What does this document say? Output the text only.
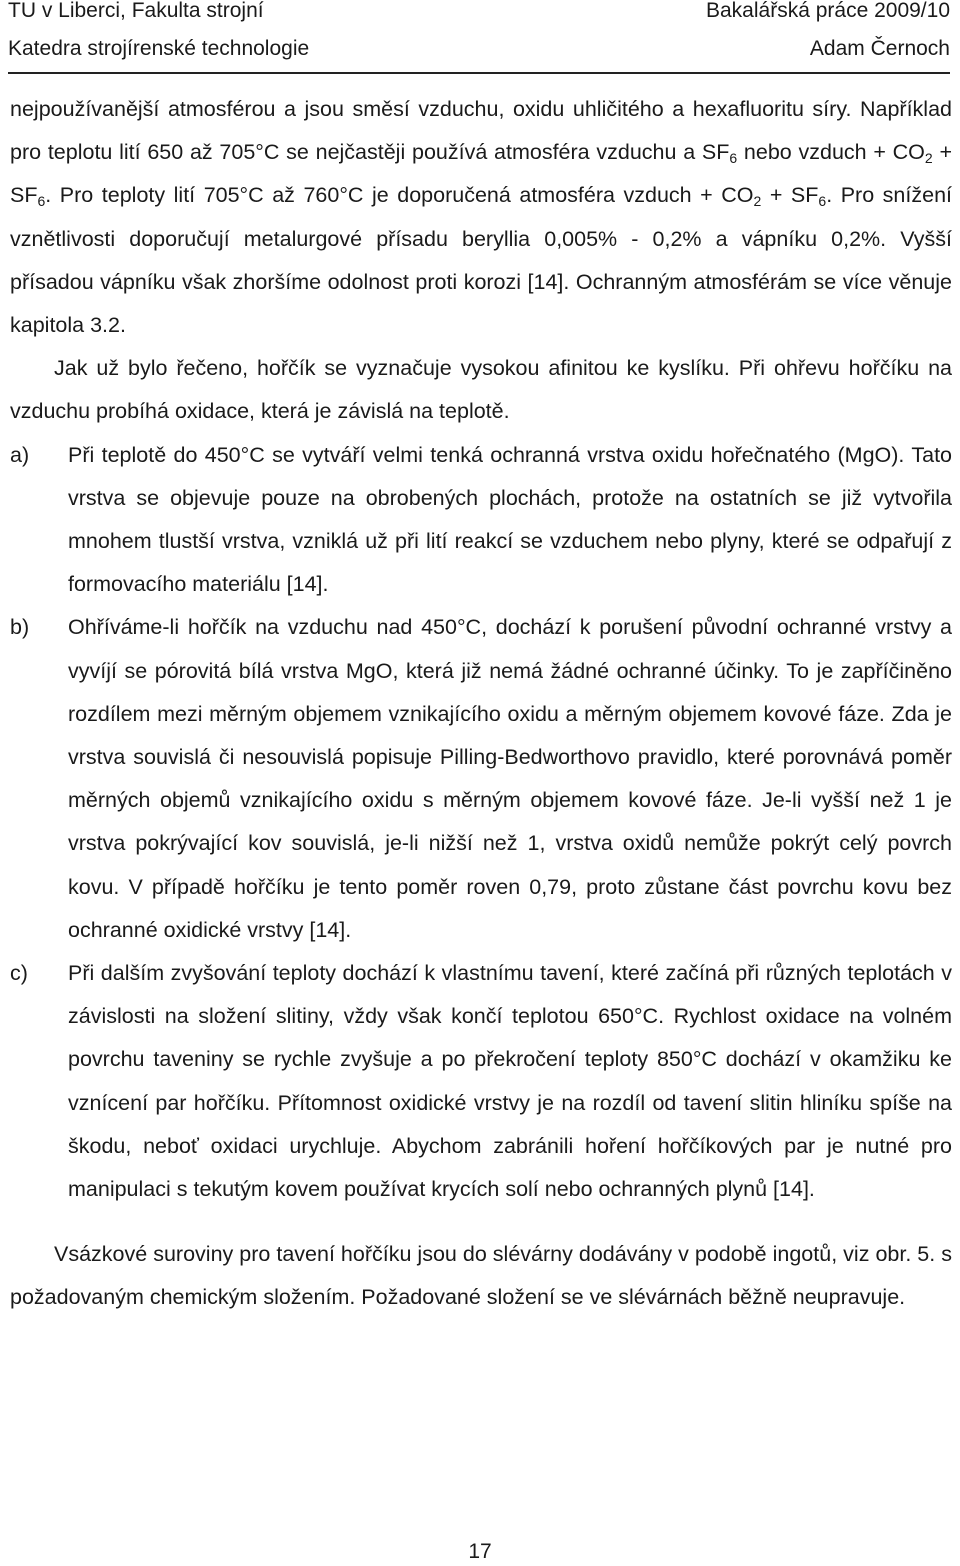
TU v Liberci, Fakulta strojní	Bakalářská práce 2009/10
Katedra strojírenské technologie	Adam Černoch

nejpoužívanější atmosférou a jsou směsí vzduchu, oxidu uhličitého a hexafluoritu síry. Například pro teplotu lití 650 až 705°C se nejčastěji používá atmosféra vzduchu a $SF_6$ nebo vzduch + $CO_2 + SF_6$. Pro teploty lití 705°C až 760°C je doporučená atmosféra vzduch + $CO_2 + SF_6$. Pro snížení vznětlivosti doporučují metalurgové přísadu beryllia 0,005% - 0,2% a vápníku 0,2%. Vyšší přísadou vápníku však zhoršíme odolnost proti korozi [14]. Ochranným atmosférám se více věnuje kapitola 3.2.

Jak už bylo řečeno, hořčík se vyznačuje vysokou afinitou ke kyslíku. Při ohřevu hořčíku na vzduchu probíhá oxidace, která je závislá na teplotě.

a)	Při teplotě do 450°C se vytváří velmi tenká ochranná vrstva oxidu hořečnatého (MgO). Tato vrstva se objevuje pouze na obrobených plochách, protože na ostatních se již vytvořila mnohem tlustší vrstva, vzniklá už při lití reakcí se vzduchem nebo plyny, které se odpařují z formovacího materiálu [14].
b)	Ohříváme-li hořčík na vzduchu nad 450°C, dochází k porušení původní ochranné vrstvy a vyvíjí se pórovitá bílá vrstva MgO, která již nemá žádné ochranné účinky. To je zapříčiněno rozdílem mezi měrným objemem vznikajícího oxidu a měrným objemem kovové fáze. Zda je vrstva souvislá či nesouvislá popisuje Pilling-Bedworthovo pravidlo, které porovnává poměr měrných objemů vznikajícího oxidu s měrným objemem kovové fáze. Je-li vyšší než 1 je vrstva pokrývající kov souvislá, je-li nižší než 1, vrstva oxidů nemůže pokrýt celý povrch kovu. V případě hořčíku je tento poměr roven 0,79, proto zůstane část povrchu kovu bez ochranné oxidické vrstvy [14].
c)	Při dalším zvyšování teploty dochází k vlastnímu tavení, které začíná při různých teplotách v závislosti na složení slitiny, vždy však končí teplotou 650°C. Rychlost oxidace na volném povrchu taveniny se rychle zvyšuje a po překročení teploty 850°C dochází v okamžiku ke vznícení par hořčíku. Přítomnost oxidické vrstvy je na rozdíl od tavení slitin hliníku spíše na škodu, neboť oxidaci urychluje. Abychom zabránili hoření hořčíkových par je nutné pro manipulaci s tekutým kovem používat krycích solí nebo ochranných plynů [14].

Vsázkové suroviny pro tavení hořčíku jsou do slévárny dodávány v podobě ingotů, viz obr. 5. s požadovaným chemickým složením. Požadované složení se ve slévárnách běžně neupravuje.

17
